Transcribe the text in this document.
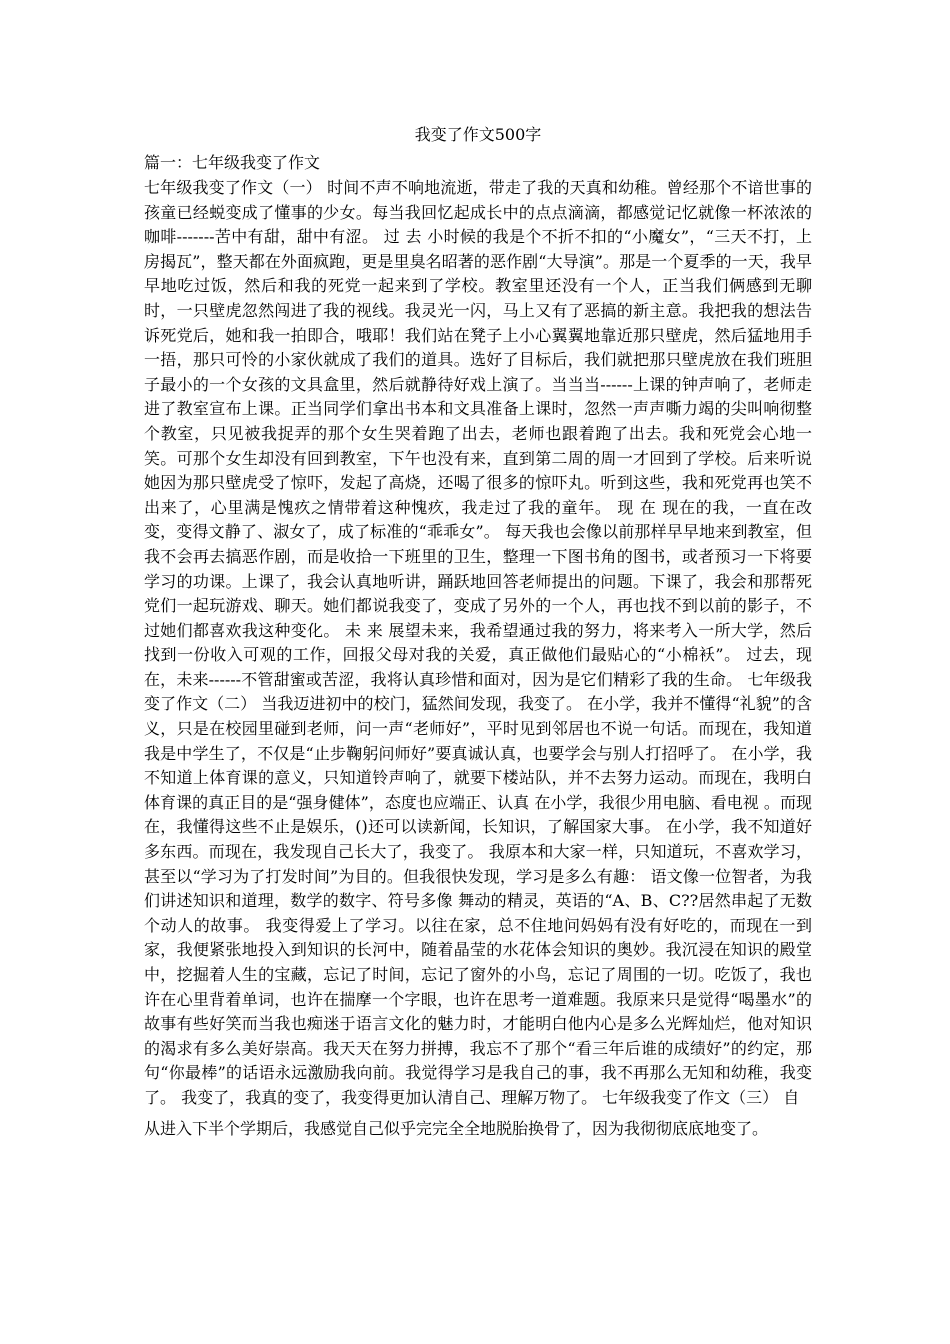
我变了作文500字

篇一：七年级我变了作文

七年级我变了作文（一） 时间不声不响地流逝，带走了我的天真和幼稚。曾经那个不谙世事的孩童已经蜕变成了懂事的少女。每当我回忆起成长中的点点滴滴，都感觉记忆就像一杯浓浓的咖啡-------苦中有甜，甜中有涩。 过 去 小时候的我是个不折不扣的“小魔女”，“三天不打，上房揭瓦”，整天都在外面疯跑，更是里臭名昭著的恶作剧“大导演”。那是一个夏季的一天，我早早地吃过饭，然后和我的死党一起来到了学校。教室里还没有一个人，正当我们俩感到无聊时，一只壁虎忽然闯进了我的视线。我灵光一闪，马上又有了恶搞的新主意。我把我的想法告诉死党后，她和我一拍即合，哦耶！我们站在凳子上小心翼翼地靠近那只壁虎，然后猛地用手一捂，那只可怜的小家伙就成了我们的道具。选好了目标后，我们就把那只壁虎放在我们班胆子最小的一个女孩的文具盒里，然后就静待好戏上演了。当当当------上课的钟声响了，老师走进了教室宣布上课。正当同学们拿出书本和文具准备上课时，忽然一声声嘶力竭的尖叫响彻整个教室，只见被我捉弄的那个女生哭着跑了出去，老师也跟着跑了出去。我和死党会心地一笑。可那个女生却没有回到教室，下午也没有来，直到第二周的周一才回到了学校。后来听说她因为那只壁虎受了惊吓，发起了高烧，还喝了很多的惊吓丸。听到这些，我和死党再也笑不出来了，心里满是愧疚之情带着这种愧疚，我走过了我的童年。 现 在 现在的我，一直在改变，变得文静了、淑女了，成了标准的“乖乖女”。 每天我也会像以前那样早早地来到教室，但我不会再去搞恶作剧，而是收拾一下班里的卫生，整理一下图书角的图书，或者预习一下将要学习的功课。上课了，我会认真地听讲，踊跃地回答老师提出的问题。下课了，我会和那帮死党们一起玩游戏、聊天。她们都说我变了，变成了另外的一个人，再也找不到以前的影子，不过她们都喜欢我这种变化。 未 来 展望未来，我希望通过我的努力，将来考入一所大学，然后找到一份收入可观的工作，回报父母对我的关爱，真正做他们最贴心的“小棉袄”。 过去，现在，未来------不管甜蜜或苦涩，我将认真珍惜和面对，因为是它们精彩了我的生命。 七年级我变了作文（二） 当我迈进初中的校门，猛然间发现，我变了。 在小学，我并不懂得“礼貌”的含义，只是在校园里碰到老师，问一声“老师好”，平时见到邻居也不说一句话。而现在，我知道我是中学生了，不仅是“止步鞠躬问师好”要真诚认真，也要学会与别人打招呼了。 在小学，我不知道上体育课的意义，只知道铃声响了，就要下楼站队，并不去努力运动。而现在，我明白体育课的真正目的是“强身健体”，态度也应端正、认真 在小学，我很少用电脑、看电视 。而现在，我懂得这些不止是娱乐，()还可以读新闻，长知识，了解国家大事。 在小学，我不知道好多东西。而现在，我发现自己长大了，我变了。 我原本和大家一样，只知道玩，不喜欢学习，甚至以“学习为了打发时间”为目的。但我很快发现，学习是多么有趣： 语文像一位智者，为我们讲述知识和道理，数学的数字、符号多像 舞动的精灵，英语的“A、B、C??居然串起了无数个动人的故事。 我变得爱上了学习。以往在家，总不住地问妈妈有没有好吃的，而现在一到家，我便紧张地投入到知识的长河中，随着晶莹的水花体会知识的奥妙。我沉浸在知识的殿堂中，挖掘着人生的宝藏，忘记了时间，忘记了窗外的小鸟，忘记了周围的一切。吃饭了，我也许在心里背着单词，也许在揣摩一个字眼，也许在思考一道难题。我原来只是觉得“喝墨水”的故事有些好笑而当我也痴迷于语言文化的魅力时，才能明白他内心是多么光辉灿烂，他对知识的渴求有多么美好崇高。我天天在努力拼搏，我忘不了那个“看三年后谁的成绩好”的约定，那句“你最棒”的话语永远激励我向前。我觉得学习是我自己的事，我不再那么无知和幼稚，我变了。 我变了，我真的变了，我变得更加认清自己、理解万物了。 七年级我变了作文（三） 自

从进入下半个学期后，我感觉自己似乎完完全全地脱胎换骨了，因为我彻彻底底地变了。
